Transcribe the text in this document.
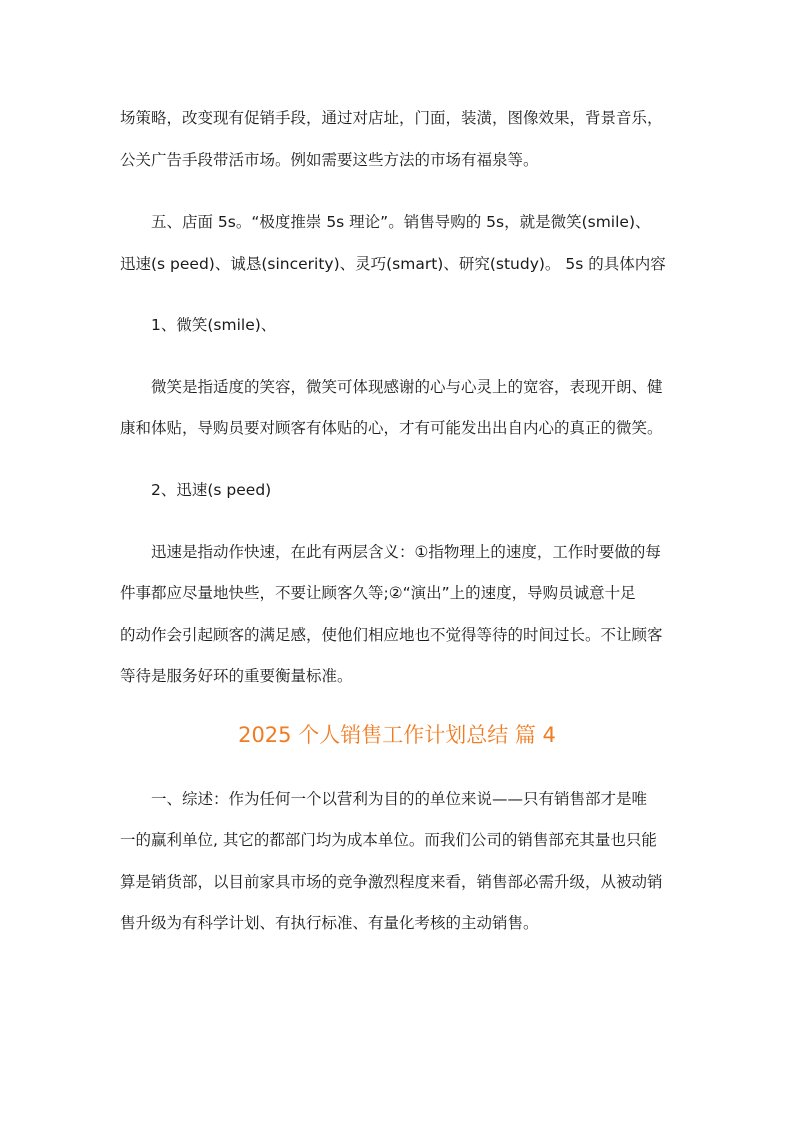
场策略，改变现有促销手段，通过对店址，门面，装潢，图像效果，背景音乐，
公关广告手段带活市场。例如需要这些方法的市场有福泉等。
五、店面 5s。“极度推崇 5s 理论”。销售导购的 5s，就是微笑(smile)、
迅速(s peed)、诚恳(sincerity)、灵巧(smart)、研究(study)。 5s 的具体内容
1、微笑(smile)、
微笑是指适度的笑容，微笑可体现感谢的心与心灵上的宽容，表现开朗、健
康和体贴，导购员要对顾客有体贴的心，才有可能发出出自内心的真正的微笑。
2、迅速(s peed)
迅速是指动作快速，在此有两层含义：①指物理上的速度，工作时要做的每
件事都应尽量地快些，不要让顾客久等;②“演出”上的速度，导购员诚意十足
的动作会引起顾客的满足感，使他们相应地也不觉得等待的时间过长。不让顾客
等待是服务好环的重要衡量标准。
2025 个人销售工作计划总结 篇 4
一、综述：作为任何一个以营利为目的的单位来说——只有销售部才是唯
一的赢利单位, 其它的都部门均为成本单位。而我们公司的销售部充其量也只能
算是销货部，以目前家具市场的竞争激烈程度来看，销售部必需升级，从被动销
售升级为有科学计划、有执行标准、有量化考核的主动销售。
